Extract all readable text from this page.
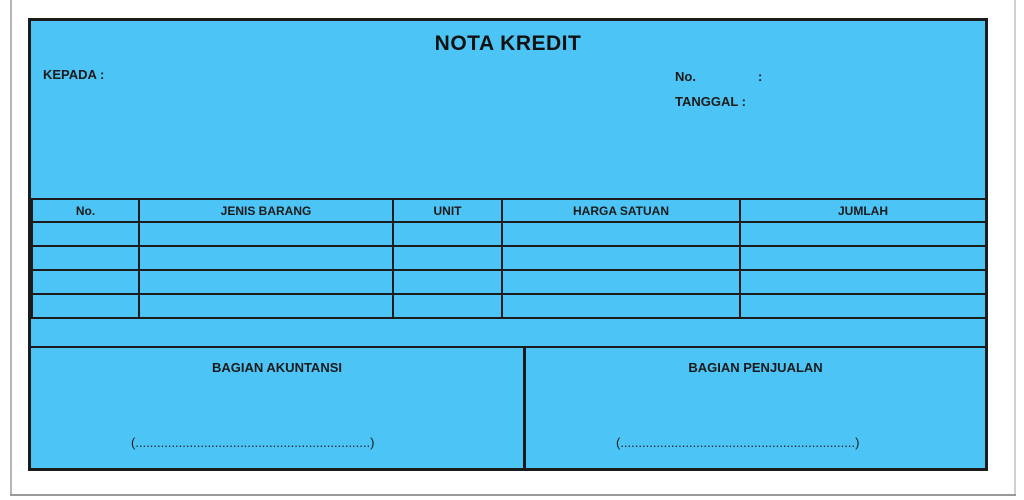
NOTA KREDIT
KEPADA :	No.	:
TANGGAL :
No.	JENIS BARANG	UNIT	HARGA SATUAN	JUMLAH

BAGIAN AKUNTANSI
(.................................................................)
BAGIAN PENJUALAN
(.................................................................)
